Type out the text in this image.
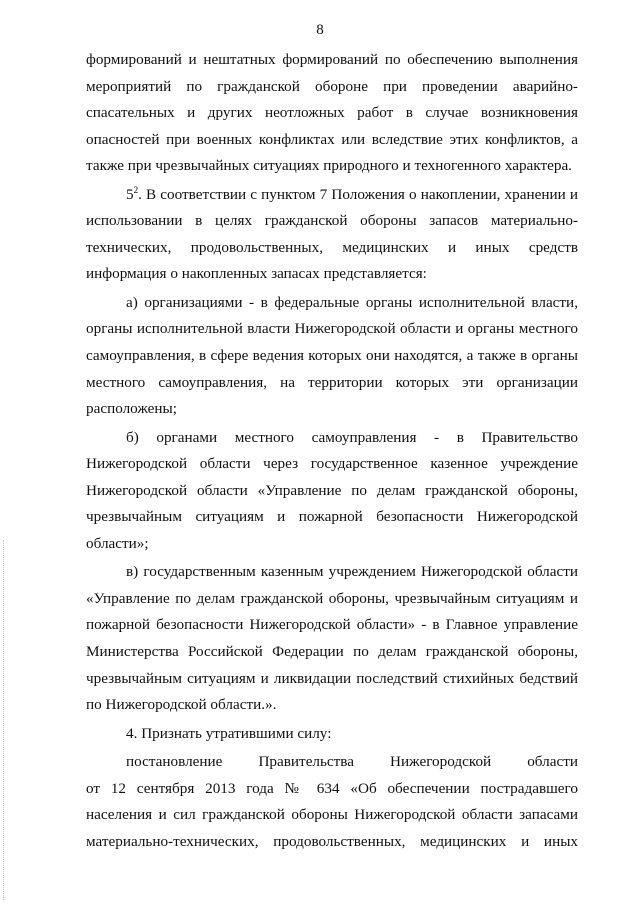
8
формирований и нештатных формирований по обеспечению выполнения
мероприятий по гражданской обороне при проведении аварийно-
спасательных и других неотложных работ в случае возникновения
опасностей при военных конфликтах или вследствие этих конфликтов, а
также при чрезвычайных ситуациях природного и техногенного характера.
$5^2$. В соответствии с пунктом 7 Положения о накоплении, хранении и
использовании в целях гражданской обороны запасов материально-
технических, продовольственных, медицинских и иных средств
информация о накопленных запасах представляется:
а) организациями - в федеральные органы исполнительной власти,
органы исполнительной власти Нижегородской области и органы местного
самоуправления, в сфере ведения которых они находятся, а также в органы
местного самоуправления, на территории которых эти организации
расположены;
б) органами местного самоуправления - в Правительство
Нижегородской области через государственное казенное учреждение
Нижегородской области «Управление по делам гражданской обороны,
чрезвычайным ситуациям и пожарной безопасности Нижегородской
области»;
в) государственным казенным учреждением Нижегородской области
«Управление по делам гражданской обороны, чрезвычайным ситуациям и
пожарной безопасности Нижегородской области» - в Главное управление
Министерства Российской Федерации по делам гражданской обороны,
чрезвычайным ситуациям и ликвидации последствий стихийных бедствий
по Нижегородской области.».
4. Признать утратившими силу:
постановление Правительства Нижегородской области
от 12 сентября 2013 года № 634 «Об обеспечении пострадавшего
населения и сил гражданской обороны Нижегородской области запасами
материально-технических, продовольственных, медицинских и иных
